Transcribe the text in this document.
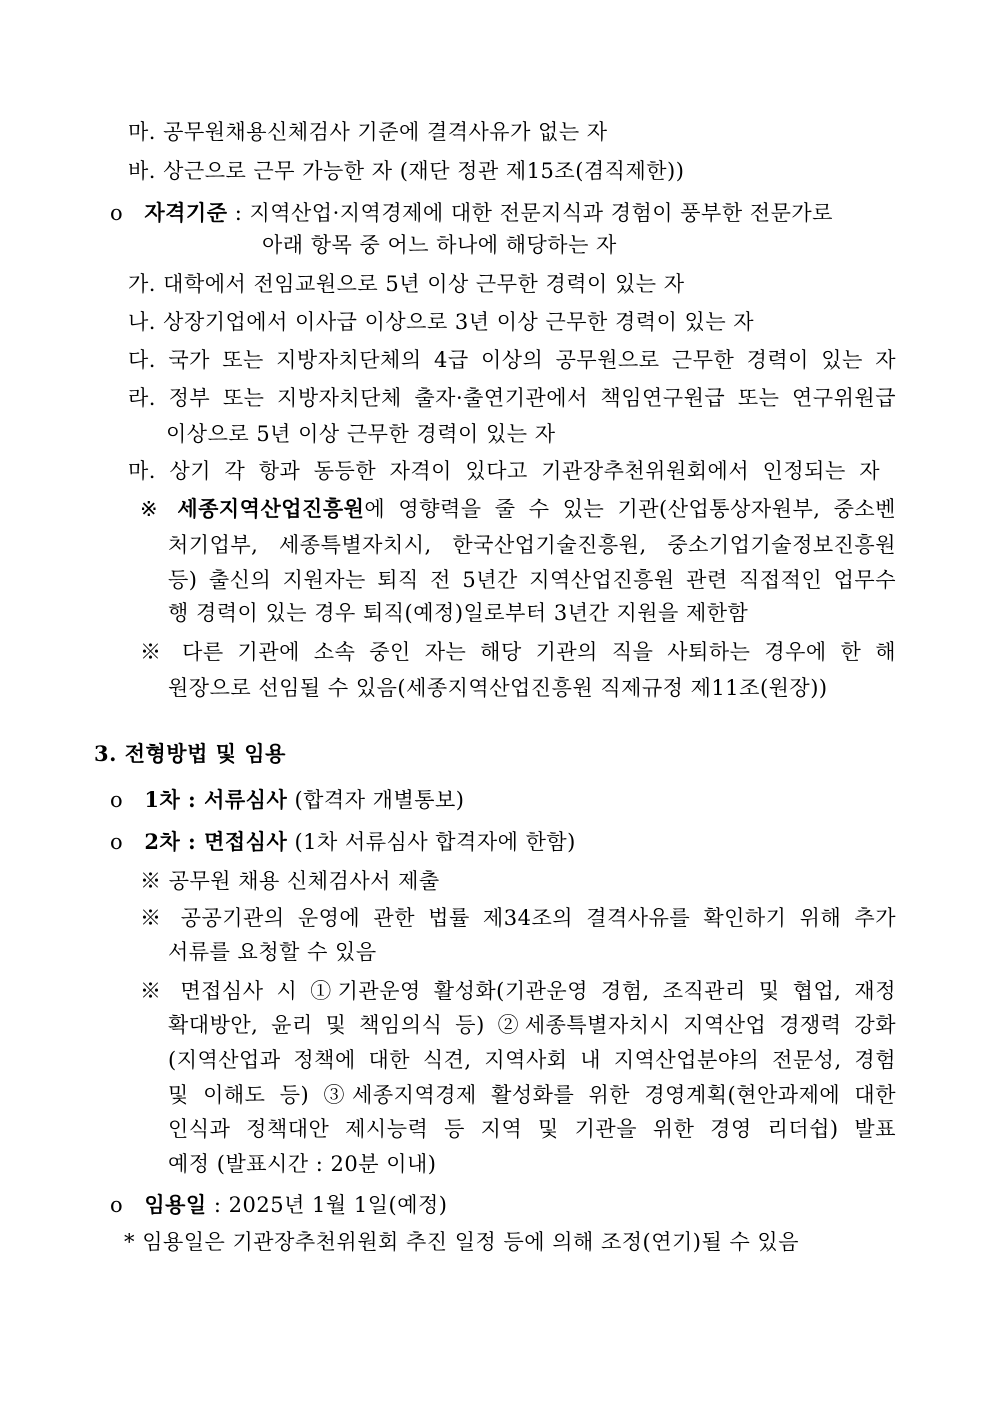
마. 공무원채용신체검사 기준에 결격사유가 없는 자
바. 상근으로 근무 가능한 자 (재단 정관 제15조(겸직제한))
o 자격기준 : 지역산업·지역경제에 대한 전문지식과 경험이 풍부한 전문가로
아래 항목 중 어느 하나에 해당하는 자
가. 대학에서 전임교원으로 5년 이상 근무한 경력이 있는 자
나. 상장기업에서 이사급 이상으로 3년 이상 근무한 경력이 있는 자
다. 국가 또는 지방자치단체의 4급 이상의 공무원으로 근무한 경력이 있는 자
라. 정부 또는 지방자치단체 출자·출연기관에서 책임연구원급 또는 연구위원급
이상으로 5년 이상 근무한 경력이 있는 자
마. 상기 각 항과 동등한 자격이 있다고 기관장추천위원회에서 인정되는 자
※ 세종지역산업진흥원에 영향력을 줄 수 있는 기관(산업통상자원부, 중소벤
처기업부, 세종특별자치시, 한국산업기술진흥원, 중소기업기술정보진흥원
등) 출신의 지원자는 퇴직 전 5년간 지역산업진흥원 관련 직접적인 업무수
행 경력이 있는 경우 퇴직(예정)일로부터 3년간 지원을 제한함
※ 다른 기관에 소속 중인 자는 해당 기관의 직을 사퇴하는 경우에 한 해
원장으로 선임될 수 있음(세종지역산업진흥원 직제규정 제11조(원장))
3. 전형방법 및 임용
o 1차 : 서류심사 (합격자 개별통보)
o 2차 : 면접심사 (1차 서류심사 합격자에 한함)
※ 공무원 채용 신체검사서 제출
※ 공공기관의 운영에 관한 법률 제34조의 결격사유를 확인하기 위해 추가
서류를 요청할 수 있음
※ 면접심사 시 ①기관운영 활성화(기관운영 경험, 조직관리 및 협업, 재정
확대방안, 윤리 및 책임의식 등) ②세종특별자치시 지역산업 경쟁력 강화
(지역산업과 정책에 대한 식견, 지역사회 내 지역산업분야의 전문성, 경험
및 이해도 등) ③세종지역경제 활성화를 위한 경영계획(현안과제에 대한
인식과 정책대안 제시능력 등 지역 및 기관을 위한 경영 리더쉽) 발표
예정 (발표시간 : 20분 이내)
o 임용일 : 2025년 1월 1일(예정)
* 임용일은 기관장추천위원회 추진 일정 등에 의해 조정(연기)될 수 있음
